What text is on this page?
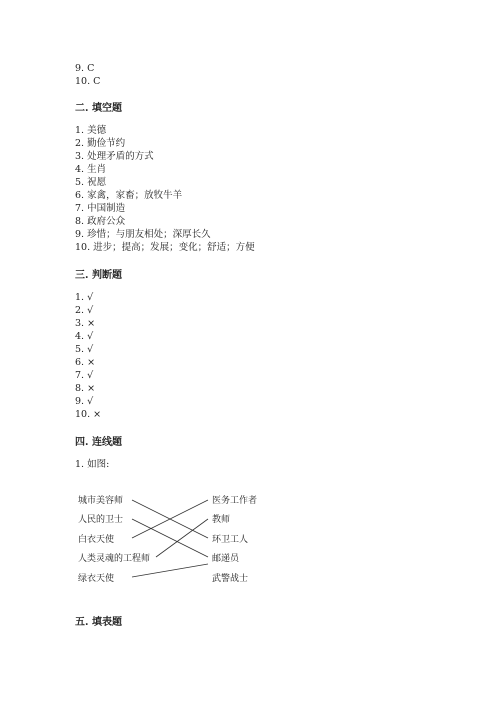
9. C
10. C
二. 填空题
1. 美德
2. 勤俭节约
3. 处理矛盾的方式
4. 生肖
5. 祝愿
6. 家禽，家畜；放牧牛羊
7. 中国制造
8. 政府公众
9. 珍惜；与朋友相处；深厚长久
10. 进步；提高；发展；变化；舒适；方便
三. 判断题
1. √
2. √
3. ×
4. √
5. √
6. ×
7. √
8. ×
9. √
10. ×
四. 连线题
1. 如图:
城市美容师
人民的卫士
白衣天使
人类灵魂的工程师
绿衣天使
医务工作者
教师
环卫工人
邮递员
武警战士
五. 填表题
